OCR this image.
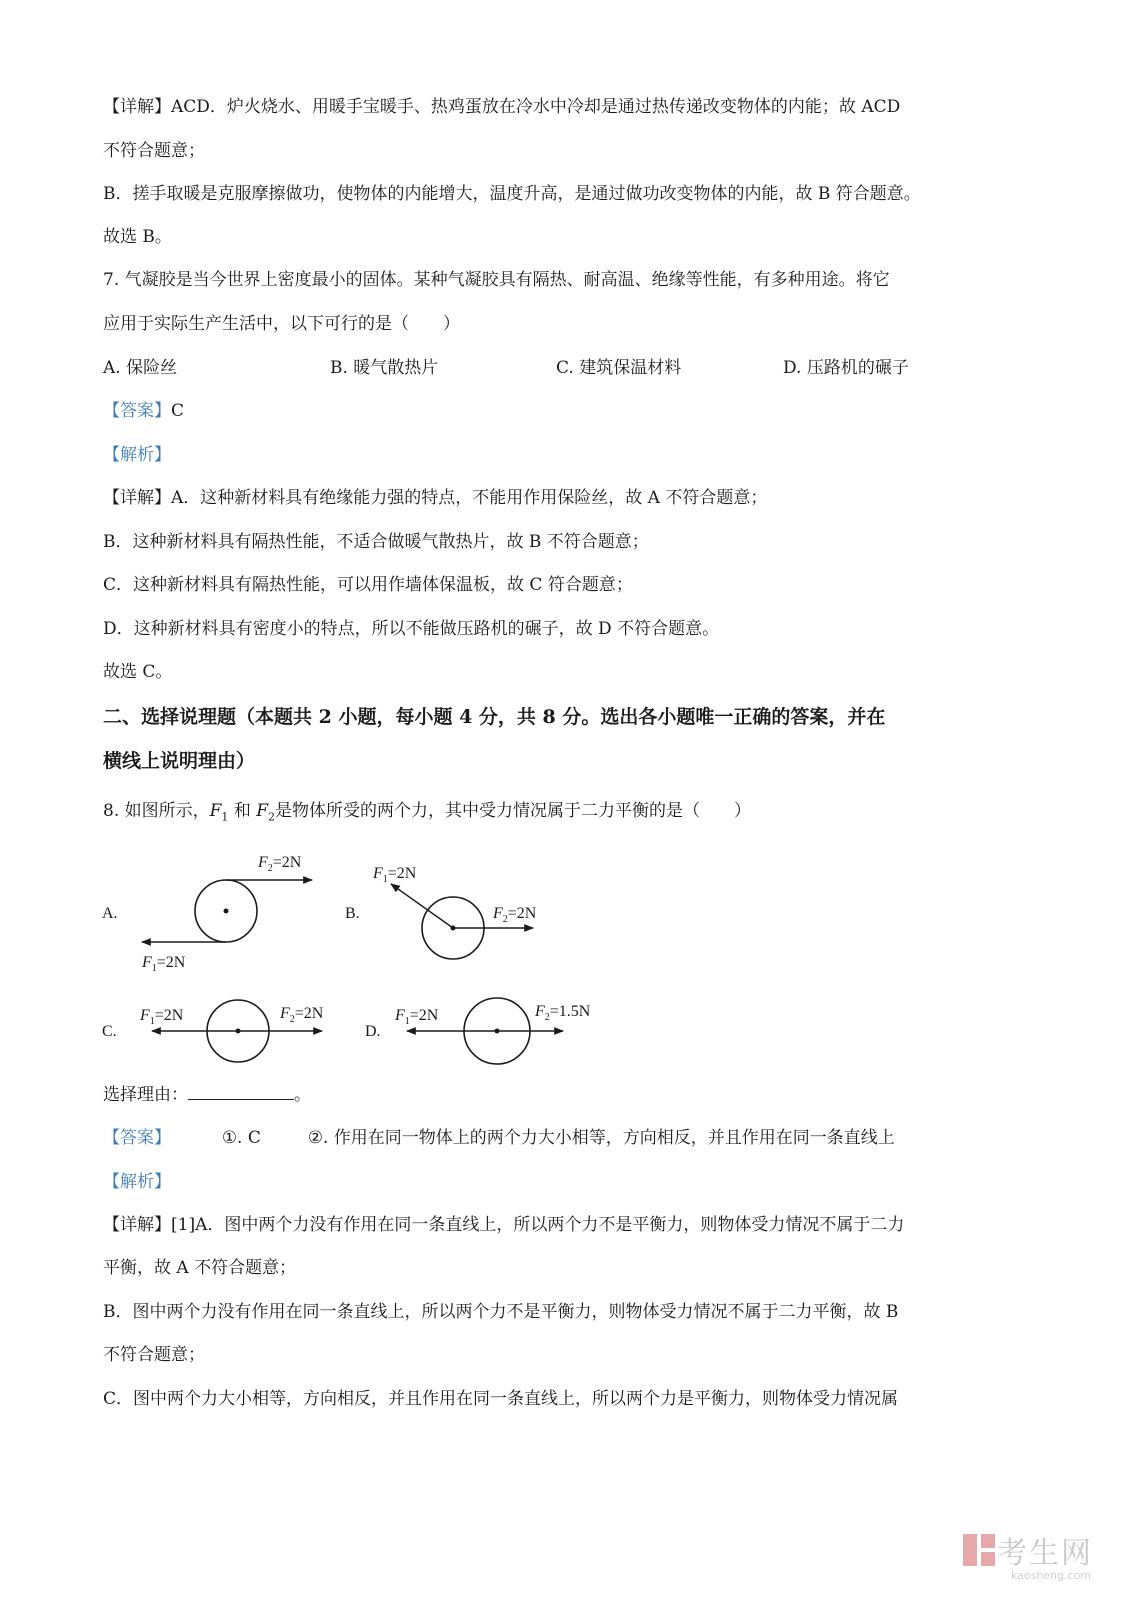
【详解】ACD．炉火烧水、用暖手宝暖手、热鸡蛋放在冷水中冷却是通过热传递改变物体的内能；故 ACD
不符合题意；
B．搓手取暖是克服摩擦做功，使物体的内能增大，温度升高，是通过做功改变物体的内能，故 B 符合题意。
故选 B。
7. 气凝胶是当今世界上密度最小的固体。某种气凝胶具有隔热、耐高温、绝缘等性能，有多种用途。将它
应用于实际生产生活中，以下可行的是（　　）
A. 保险丝	B. 暖气散热片	C. 建筑保温材料	D. 压路机的碾子
【答案】C
【解析】
【详解】A．这种新材料具有绝缘能力强的特点，不能用作用保险丝，故 A 不符合题意；
B．这种新材料具有隔热性能，不适合做暖气散热片，故 B 不符合题意；
C．这种新材料具有隔热性能，可以用作墙体保温板，故 C 符合题意；
D．这种新材料具有密度小的特点，所以不能做压路机的碾子，故 D 不符合题意。
故选 C。
二、选择说理题（本题共 2 小题，每小题 4 分，共 8 分。选出各小题唯一正确的答案，并在
横线上说明理由）
8. 如图所示，$F_1$ 和 $F_2$是物体所受的两个力，其中受力情况属于二力平衡的是（　　）
A.
$F_2=2N$
$F_1=2N$
B.
$F_1=2N$
$F_2=2N$
C.
$F_1=2N$	$F_2=2N$
D.
$F_1=2N$	$F_2=1.5N$
选择理由：	。
【答案】	①. C	②. 作用在同一物体上的两个力大小相等，方向相反，并且作用在同一条直线上
【解析】
【详解】[1]A．图中两个力没有作用在同一条直线上，所以两个力不是平衡力，则物体受力情况不属于二力
平衡，故 A 不符合题意；
B．图中两个力没有作用在同一条直线上，所以两个力不是平衡力，则物体受力情况不属于二力平衡，故 B
不符合题意；
C．图中两个力大小相等，方向相反，并且作用在同一条直线上，所以两个力是平衡力，则物体受力情况属
考生网
kaosheng.com
